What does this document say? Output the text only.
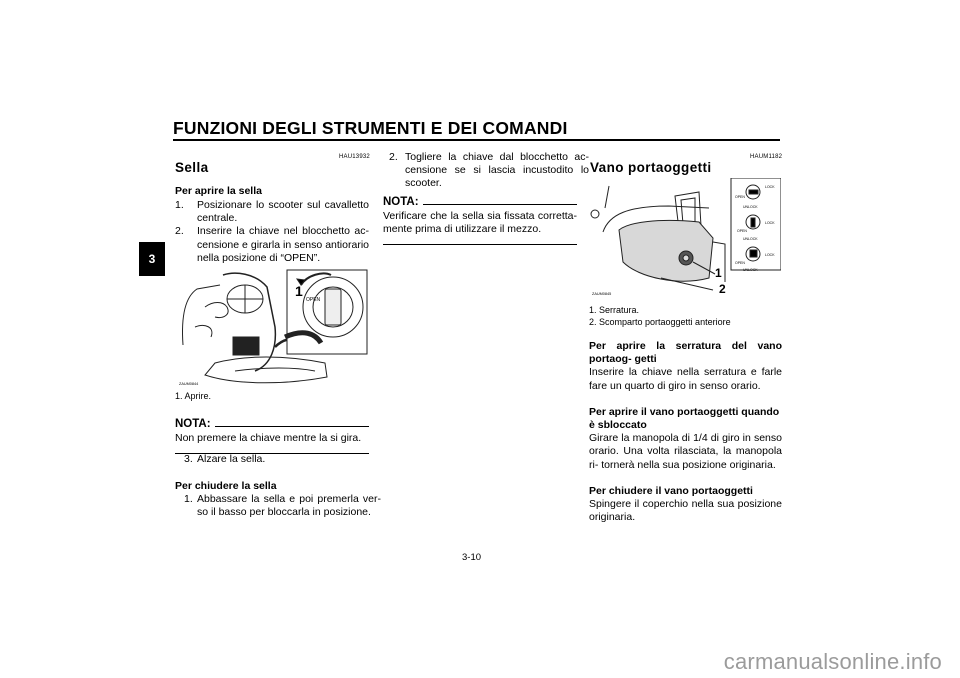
FUNZIONI DEGLI STRUMENTI E DEI COMANDI
3
HAU13932
Sella
Per aprire la sella
1.	Posizionare lo scooter sul cavalletto centrale.
2.	Inserire la chiave nel blocchetto ac- censione e girarla in senso antiorario nella posizione di “OPEN”.
OPEN
ZAUM0844
1
1. Aprire.
NOTA:
Non premere la chiave mentre la si gira.
3. Alzare la sella.
Per chiudere la sella
1. Abbassare la sella e poi premerla ver- so il basso per bloccarla in posizione.
2. Togliere la chiave dal blocchetto ac- censione se si lascia incustodito lo scooter.
NOTA:
Verificare che la sella sia fissata corretta- mente prima di utilizzare il mezzo.
HAUM1182
Vano portaoggetti
OPEN
LOCK
UNLOCK
OPEN
LOCK
UNLOCK
OPEN
LOCK
UNLOCK
ZAUM0845
1
2
1. Serratura.
2. Scomparto portaoggetti anteriore
Per aprire la serratura del vano portaog- getti
Inserire la chiave nella serratura e farle fare un quarto di giro in senso orario.
Per aprire il vano portaoggetti quando è sbloccato
Girare la manopola di 1/4 di giro in senso orario. Una volta rilasciata, la manopola ri- tornerà nella sua posizione originaria.
Per chiudere il vano portaoggetti
Spingere il coperchio nella sua posizione originaria.
3-10
carmanualsonline.info
